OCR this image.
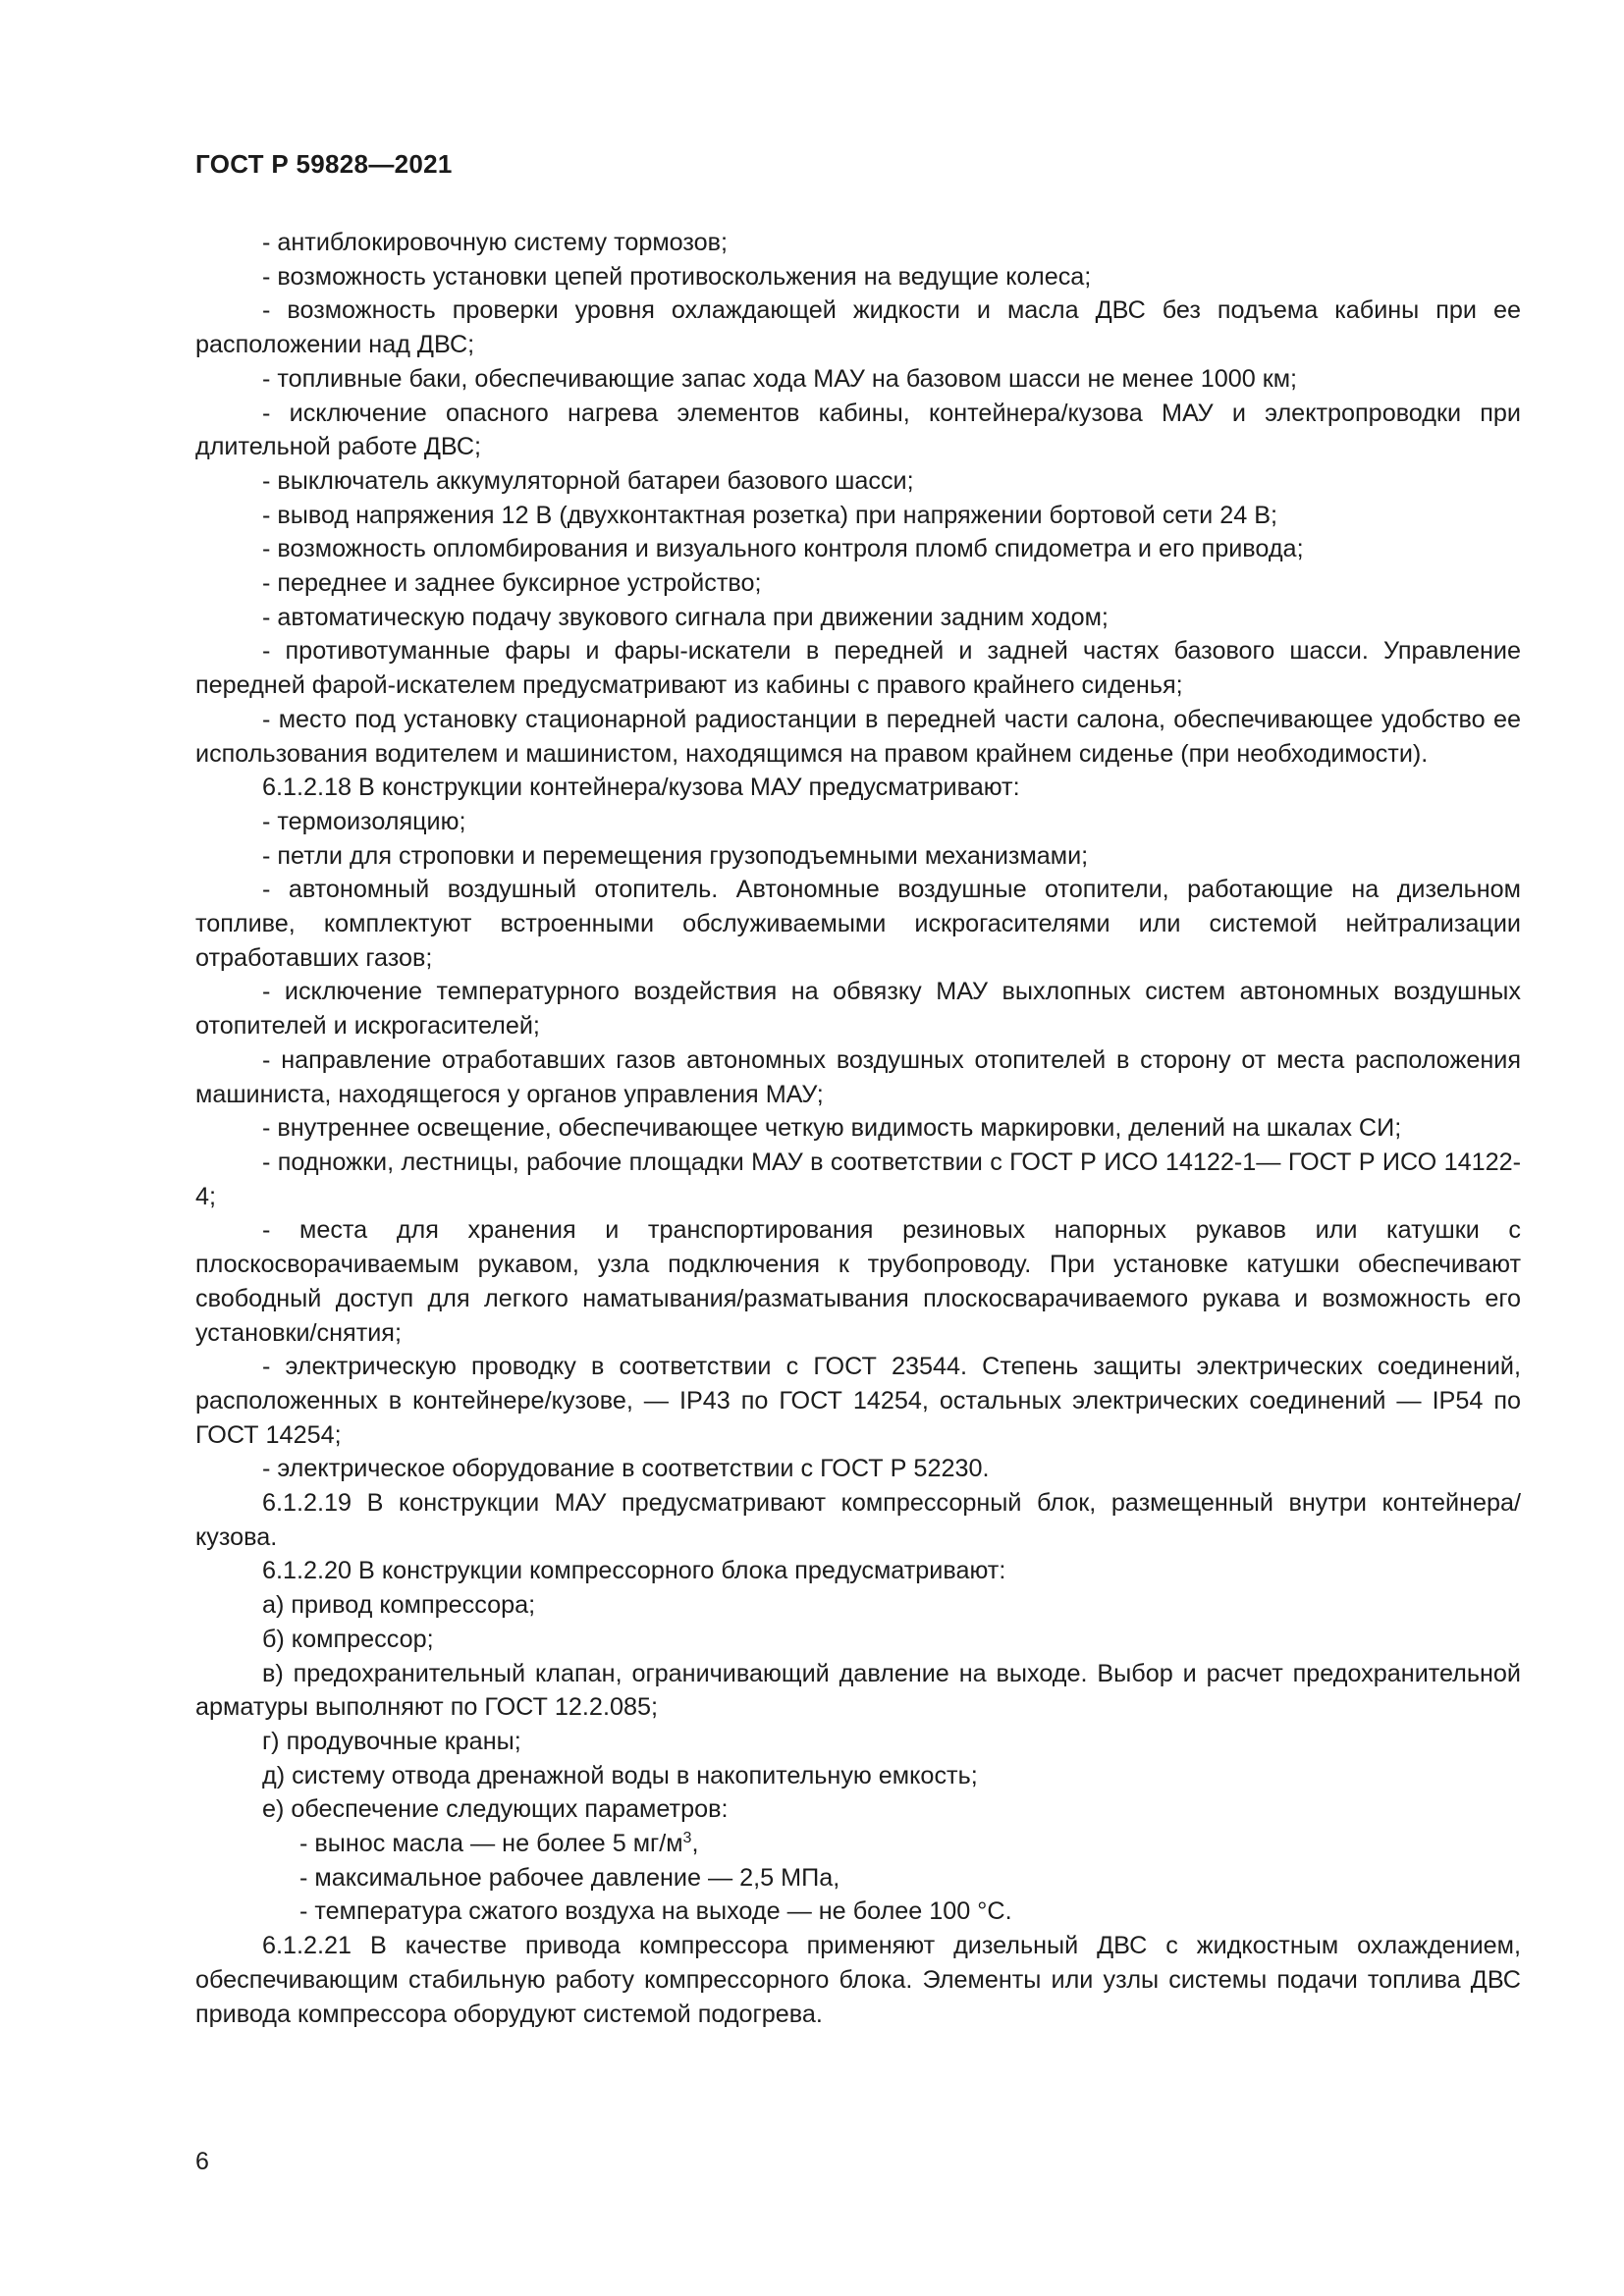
ГОСТ Р 59828—2021

- антиблокировочную систему тормозов;

- возможность установки цепей противоскольжения на ведущие колеса;

- возможность проверки уровня охлаждающей жидкости и масла ДВС без подъема кабины при ее расположении над ДВС;

- топливные баки, обеспечивающие запас хода МАУ на базовом шасси не менее 1000 км;

- исключение опасного нагрева элементов кабины, контейнера/кузова МАУ и электропроводки при длительной работе ДВС;

- выключатель аккумуляторной батареи базового шасси;

- вывод напряжения 12 В (двухконтактная розетка) при напряжении бортовой сети 24 В;

- возможность опломбирования и визуального контроля пломб спидометра и его привода;

- переднее и заднее буксирное устройство;

- автоматическую подачу звукового сигнала при движении задним ходом;

- противотуманные фары и фары-искатели в передней и задней частях базового шасси. Управление передней фарой-искателем предусматривают из кабины с правого крайнего сиденья;

- место под установку стационарной радиостанции в передней части салона, обеспечивающее удобство ее использования водителем и машинистом, находящимся на правом крайнем сиденье (при необходимости).

6.1.2.18 В конструкции контейнера/кузова МАУ предусматривают:

- термоизоляцию;

- петли для строповки и перемещения грузоподъемными механизмами;

- автономный воздушный отопитель. Автономные воздушные отопители, работающие на дизельном топливе, комплектуют встроенными обслуживаемыми искрогасителями или системой нейтрализации отработавших газов;

- исключение температурного воздействия на обвязку МАУ выхлопных систем автономных воздушных отопителей и искрогасителей;

- направление отработавших газов автономных воздушных отопителей в сторону от места расположения машиниста, находящегося у органов управления МАУ;

- внутреннее освещение, обеспечивающее четкую видимость маркировки, делений на шкалах СИ;

- подножки, лестницы, рабочие площадки МАУ в соответствии с ГОСТ Р ИСО 14122-1— ГОСТ Р ИСО 14122-4;

- места для хранения и транспортирования резиновых напорных рукавов или катушки с плоскосворачиваемым рукавом, узла подключения к трубопроводу. При установке катушки обеспечивают свободный доступ для легкого наматывания/разматывания плоскосварачиваемого рукава и возможность его установки/снятия;

- электрическую проводку в соответствии с ГОСТ 23544. Степень защиты электрических соединений, расположенных в контейнере/кузове, — IP43 по ГОСТ 14254, остальных электрических соединений — IP54 по ГОСТ 14254;

- электрическое оборудование в соответствии с ГОСТ Р 52230.

6.1.2.19 В конструкции МАУ предусматривают компрессорный блок, размещенный внутри контейнера/кузова.

6.1.2.20 В конструкции компрессорного блока предусматривают:

а) привод компрессора;

б) компрессор;

в) предохранительный клапан, ограничивающий давление на выходе. Выбор и расчет предохранительной арматуры выполняют по ГОСТ 12.2.085;

г) продувочные краны;

д) систему отвода дренажной воды в накопительную емкость;

е) обеспечение следующих параметров:

- вынос масла — не более 5 $мг/м^3$,

- максимальное рабочее давление — 2,5 МПа,

- температура сжатого воздуха на выходе — не более 100 °С.

6.1.2.21 В качестве привода компрессора применяют дизельный ДВС с жидкостным охлаждением, обеспечивающим стабильную работу компрессорного блока. Элементы или узлы системы подачи топлива ДВС привода компрессора оборудуют системой подогрева.

6
